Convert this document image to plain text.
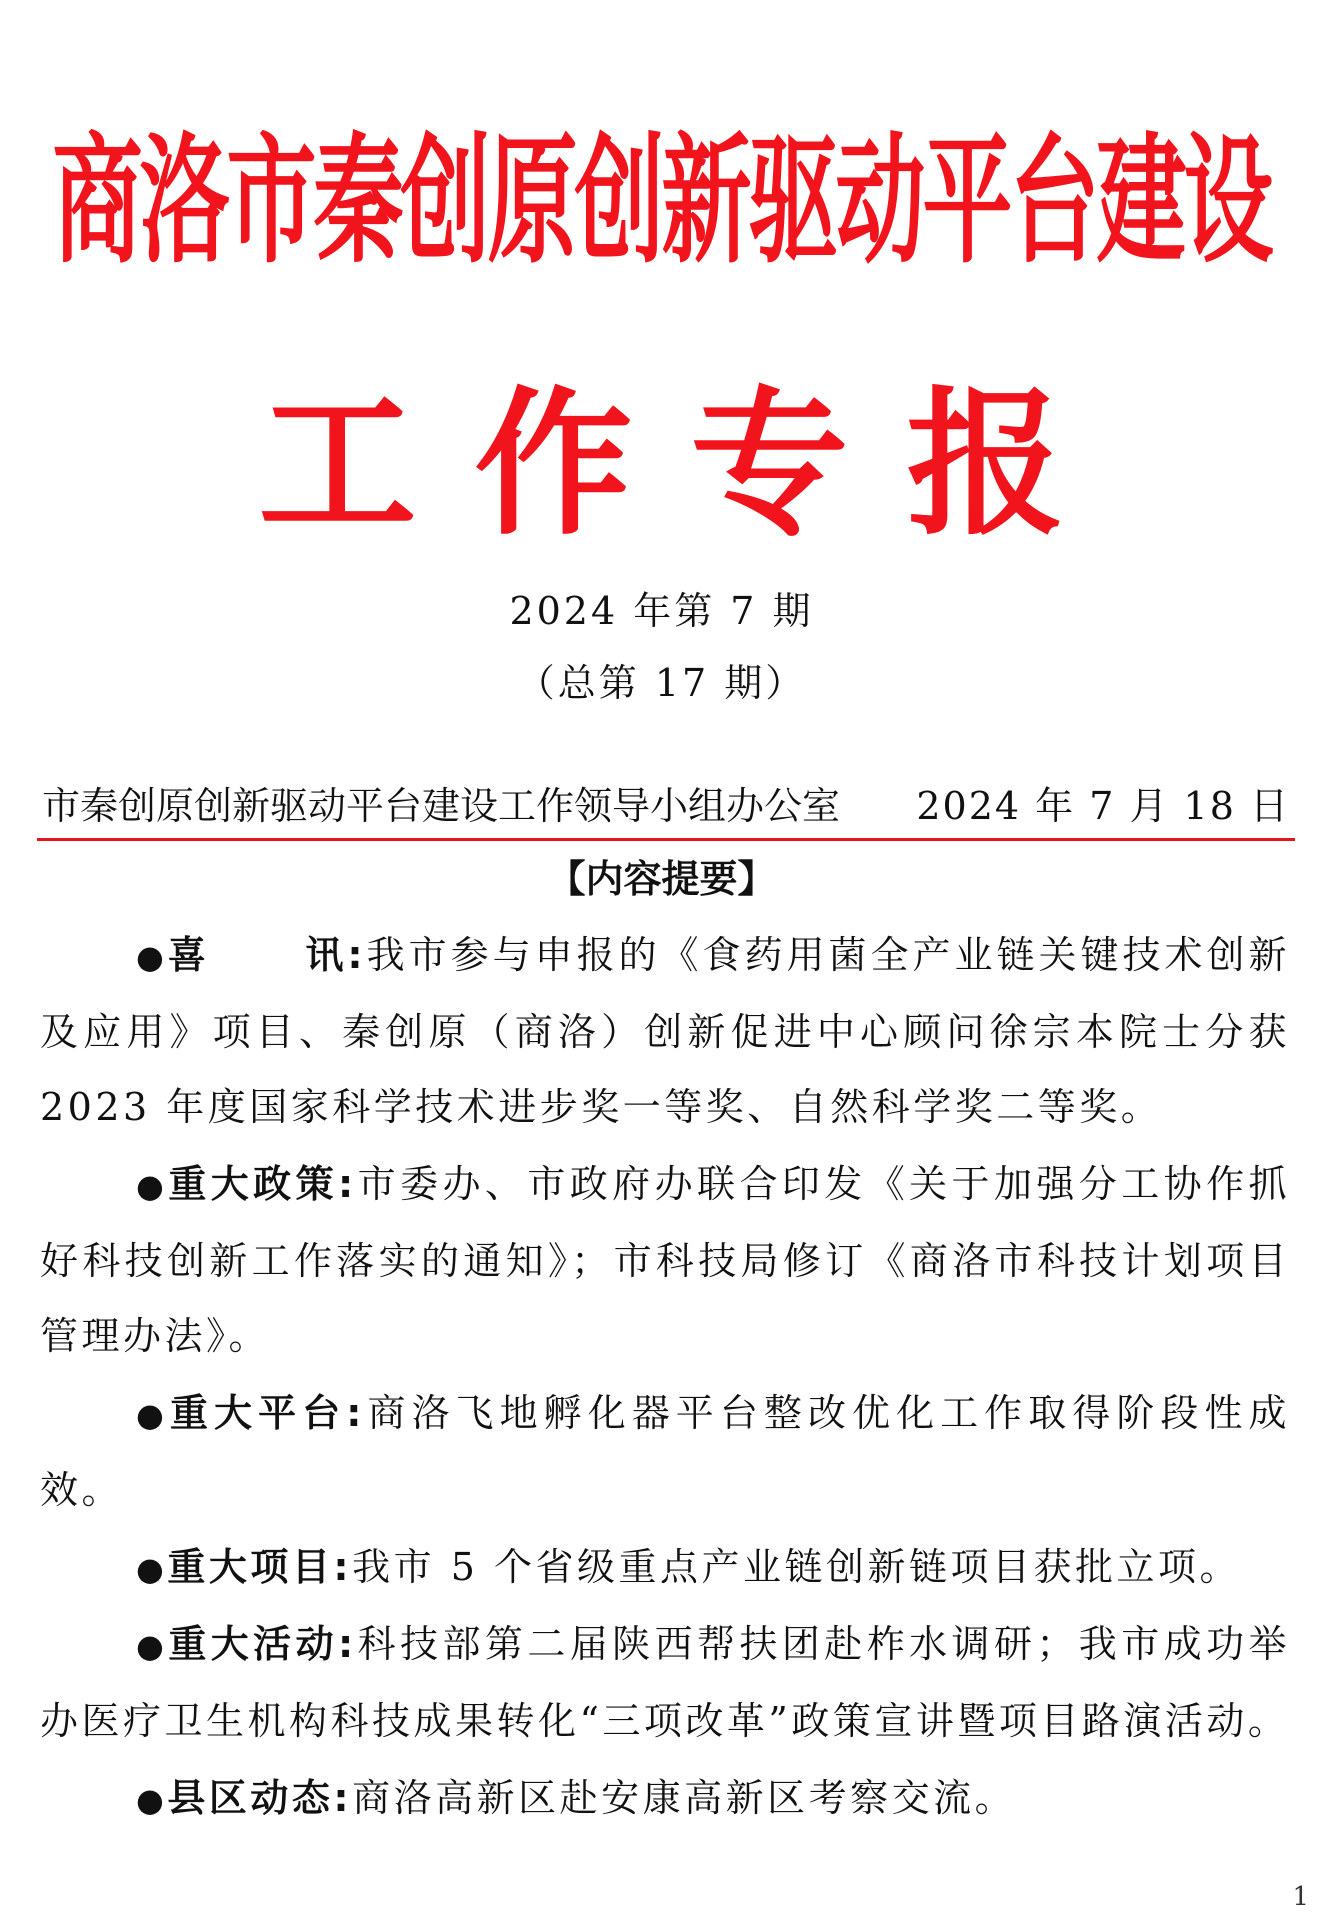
商洛市秦创原创新驱动平台建设
工作专报
2024 年第 7 期
（总第 17 期）
市秦创原创新驱动平台建设工作领导小组办公室 2024 年 7 月 18 日
【内容提要】

●喜	讯:我市参与申报的《食药用菌全产业链关键技术创新及应用》项目、秦创原（商洛）创新促进中心顾问徐宗本院士分获 2023 年度国家科学技术进步奖一等奖、自然科学奖二等奖。

●重大政策:市委办、市政府办联合印发《关于加强分工协作抓好科技创新工作落实的通知》；市科技局修订《商洛市科技计划项目管理办法》。

●重大平台:商洛飞地孵化器平台整改优化工作取得阶段性成效。

●重大项目:我市 5 个省级重点产业链创新链项目获批立项。

●重大活动:科技部第二届陕西帮扶团赴柞水调研；我市成功举办医疗卫生机构科技成果转化“三项改革”政策宣讲暨项目路演活动。

●县区动态:商洛高新区赴安康高新区考察交流。

1
